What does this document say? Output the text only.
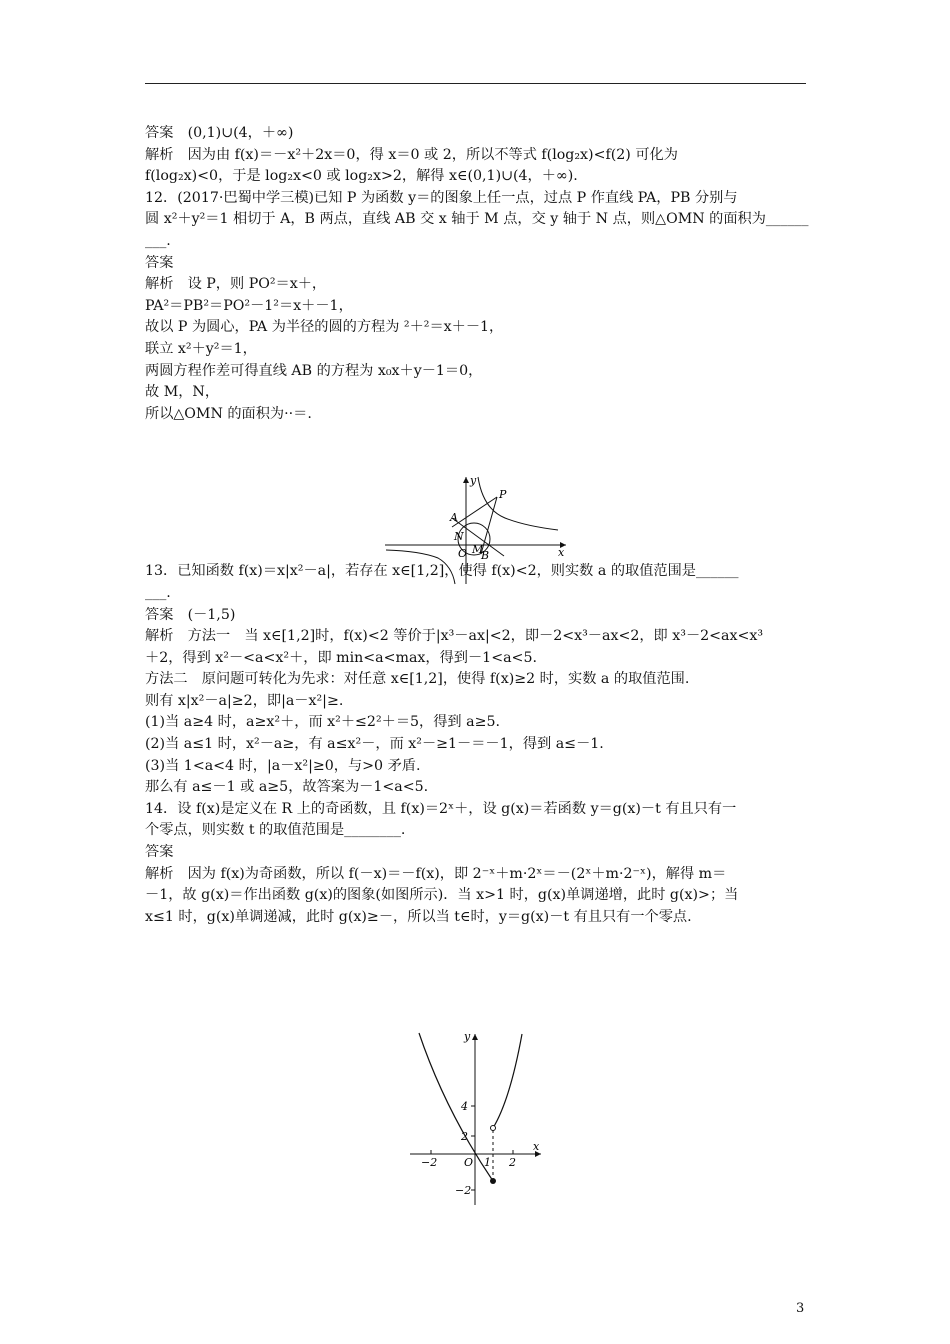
答案　(0,1)∪(4，＋∞)
解析　因为由 f(x)＝－x²＋2x＝0，得 x＝0 或 2，所以不等式 f(log₂x)<f(2) 可化为
f(log₂x)<0，于是 log₂x<0 或 log₂x>2，解得 x∈(0,1)∪(4，＋∞).
12．(2017·巴蜀中学三模)已知 P 为函数 y＝的图象上任一点，过点 P 作直线 PA，PB 分别与
圆 x²＋y²＝1 相切于 A，B 两点，直线 AB 交 x 轴于 M 点，交 y 轴于 N 点，则△OMN 的面积为______
___.
答案
解析　设 P，则 PO²＝x＋，
PA²＝PB²＝PO²－1²＝x＋－1，
故以 P 为圆心，PA 为半径的圆的方程为 ²＋²＝x＋－1，
联立 x²＋y²＝1，
两圆方程作差可得直线 AB 的方程为 x₀x＋y－1＝0，
故 M，N，
所以△OMN 的面积为··＝.
13．已知函数 f(x)＝x|x²－a|，若存在 x∈[1,2]，使得 f(x)<2，则实数 a 的取值范围是______
___.
答案　(－1,5)
解析　方法一　当 x∈[1,2]时，f(x)<2 等价于|x³－ax|<2，即－2<x³－ax<2，即 x³－2<ax<x³
＋2，得到 x²－<a<x²＋，即 min<a<max，得到－1<a<5.
方法二　原问题可转化为先求：对任意 x∈[1,2]，使得 f(x)≥2 时，实数 a 的取值范围.
则有 x|x²－a|≥2，即|a－x²|≥.
(1)当 a≥4 时，a≥x²＋，而 x²＋≤2²＋＝5，得到 a≥5.
(2)当 a≤1 时，x²－a≥，有 a≤x²－，而 x²－≥1－＝－1，得到 a≤－1.
(3)当 1<a<4 时，|a－x²|≥0，与>0 矛盾.
那么有 a≤－1 或 a≥5，故答案为－1<a<5.
14．设 f(x)是定义在 R 上的奇函数，且 f(x)＝2ˣ＋，设 g(x)＝若函数 y＝g(x)－t 有且只有一
个零点，则实数 t 的取值范围是________.
答案
解析　因为 f(x)为奇函数，所以 f(－x)＝－f(x)，即 2⁻ˣ＋m·2ˣ＝－(2ˣ＋m·2⁻ˣ)，解得 m＝
－1，故 g(x)＝作出函数 g(x)的图象(如图所示)．当 x>1 时，g(x)单调递增，此时 g(x)>；当
x≤1 时，g(x)单调递减，此时 g(x)≥－，所以当 t∈时，y＝g(x)－t 有且只有一个零点.
y
P
A
N
O M
B	x
y
4
2
x
−2 O 1 2
−2
3
